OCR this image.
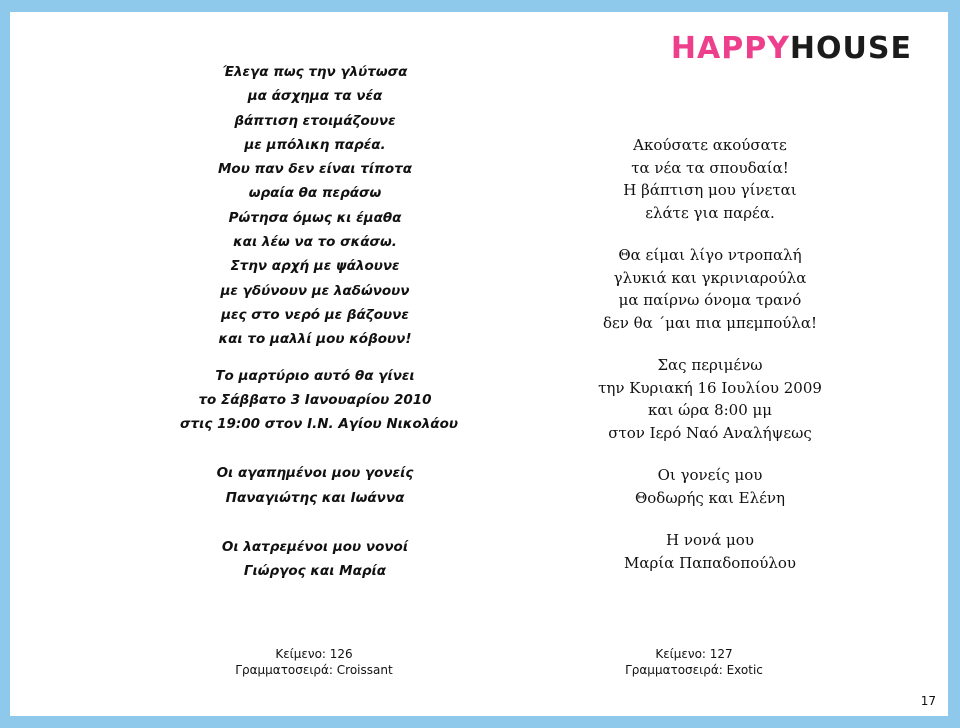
HAPPYHOUSE
Έλεγα πως την γλύτωσα
μα άσχημα τα νέα
βάπτιση ετοιμάζουνε
με μπόλικη παρέα.
Μου παν δεν είναι τίποτα
ωραία θα περάσω
Ρώτησα όμως κι έμαθα
και λέω να το σκάσω.
Στην αρχή με ψάλουνε
με γδύνουν με λαδώνουν
μες στο νερό με βάζουνε
και το μαλλί μου κόβουν!
Το μαρτύριο αυτό θα γίνει
το Σάββατο 3 Ιανουαρίου 2010
στις 19:00 στον Ι.Ν. Αγίου Νικολάου
Οι αγαπημένοι μου γονείς
Παναγιώτης και Ιωάννα
Οι λατρεμένοι μου νονοί
Γιώργος και Μαρία
Ακούσατε ακούσατε
τα νέα τα σπουδαία!
Η βάπτιση μου γίνεται
ελάτε για παρέα.
Θα είμαι λίγο ντροπαλή
γλυκιά και γκρινιαρούλα
μα παίρνω όνομα τρανό
δεν θα ΄μαι πια μπεμπούλα!
Σας περιμένω
την Κυριακή 16 Ιουλίου 2009
και ώρα 8:00 μμ
στον Ιερό Ναό Αναλήψεως
Οι γονείς μου
Θοδωρής και Ελένη
Η νονά μου
Μαρία Παπαδοπούλου
Κείμενο: 126
Γραμματοσειρά: Croissant
Κείμενο: 127
Γραμματοσειρά: Exotic
17
